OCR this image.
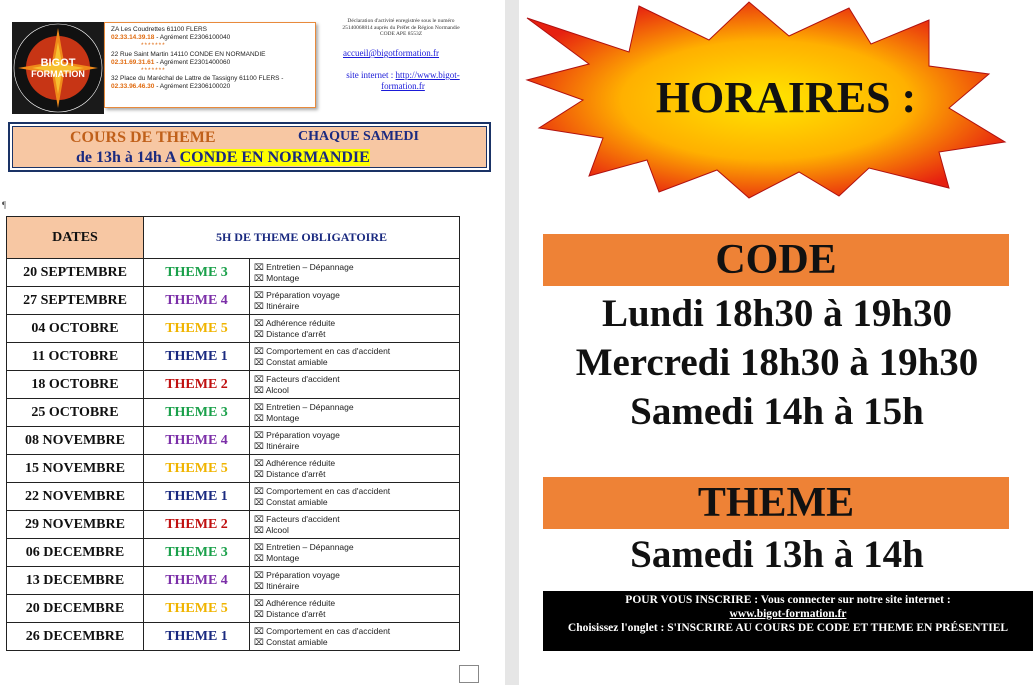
BIGOT
FORMATION
ZA Les Coudrettes 61100 FLERS
02.33.14.39.18 - Agrément E2306100040
*******
22 Rue Saint Martin 14110 CONDE EN NORMANDIE
02.31.69.31.61 - Agrément E2301400060
*******
32 Place du Maréchal de Lattre de Tassigny 61100 FLERS -
02.33.96.46.30 - Agrément E2306100020
Déclaration d'activité enregistrée sous le numéro 25140068814 auprès du Préfet de Région Normandie CODE APE 8553Z
accueil@bigotformation.fr
site internet : http://www.bigot-formation.fr
COURS DE THEME	CHAQUE SAMEDI
de 13h à 14h A CONDE EN NORMANDIE
¶
DATES	5H DE THEME OBLIGATOIRE	
20 SEPTEMBRE	THEME 3	⌧ Entretien – Dépannage
⌧ Montage

27 SEPTEMBRE	THEME 4	⌧ Préparation voyage
⌧ Itinéraire

04 OCTOBRE	THEME 5	⌧ Adhérence réduite
⌧ Distance d'arrêt

11 OCTOBRE	THEME 1	⌧ Comportement en cas d'accident
⌧ Constat amiable

18 OCTOBRE	THEME 2	⌧ Facteurs d'accident
⌧ Alcool

25 OCTOBRE	THEME 3	⌧ Entretien – Dépannage
⌧ Montage

08 NOVEMBRE	THEME 4	⌧ Préparation voyage
⌧ Itinéraire

15 NOVEMBRE	THEME 5	⌧ Adhérence réduite
⌧ Distance d'arrêt

22 NOVEMBRE	THEME 1	⌧ Comportement en cas d'accident
⌧ Constat amiable

29 NOVEMBRE	THEME 2	⌧ Facteurs d'accident
⌧ Alcool

06 DECEMBRE	THEME 3	⌧ Entretien – Dépannage
⌧ Montage

13 DECEMBRE	THEME 4	⌧ Préparation voyage
⌧ Itinéraire

20 DECEMBRE	THEME 5	⌧ Adhérence réduite
⌧ Distance d'arrêt

26 DECEMBRE	THEME 1	⌧ Comportement en cas d'accident
⌧ Constat amiable
HORAIRES :
CODE
Lundi 18h30 à 19h30
Mercredi 18h30 à 19h30
Samedi 14h à 15h
THEME
Samedi 13h à 14h
POUR VOUS INSCRIRE : Vous connecter sur notre site internet :
www.bigot-formation.fr
Choisissez l'onglet : S'INSCRIRE AU COURS DE CODE ET THEME EN PRÉSENTIEL
